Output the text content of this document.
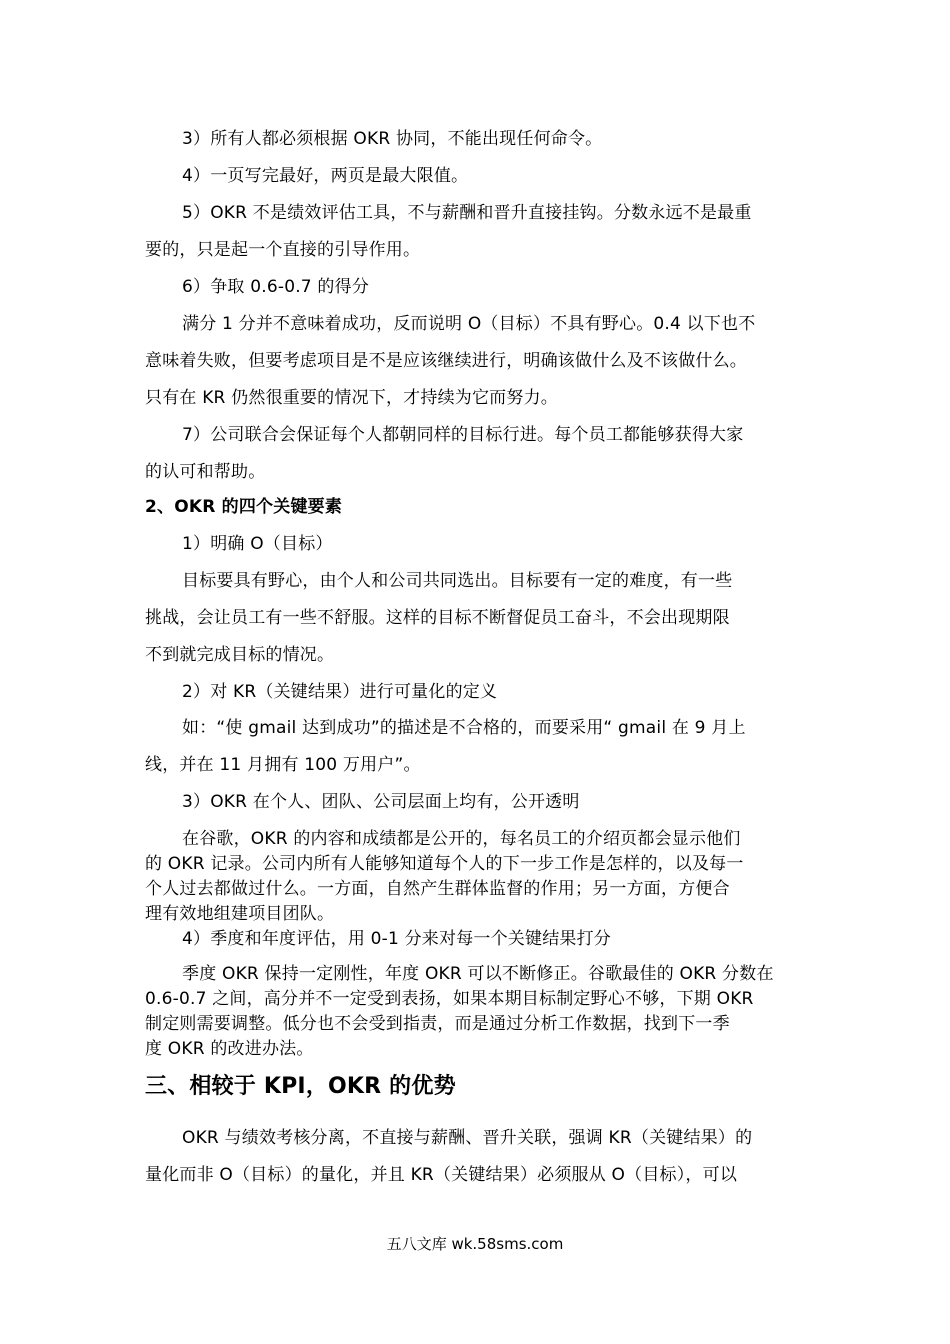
3）所有人都必须根据 OKR 协同，不能出现任何命令。
4）一页写完最好，两页是最大限值。
5）OKR 不是绩效评估工具，不与薪酬和晋升直接挂钩。分数永远不是最重
要的，只是起一个直接的引导作用。
6）争取 0.6-0.7 的得分
满分 1 分并不意味着成功，反而说明 O（目标）不具有野心。0.4 以下也不
意味着失败，但要考虑项目是不是应该继续进行，明确该做什么及不该做什么。
只有在 KR 仍然很重要的情况下，才持续为它而努力。
7）公司联合会保证每个人都朝同样的目标行进。每个员工都能够获得大家
的认可和帮助。
2、OKR 的四个关键要素
1）明确 O（目标）
目标要具有野心，由个人和公司共同选出。目标要有一定的难度，有一些
挑战，会让员工有一些不舒服。这样的目标不断督促员工奋斗，不会出现期限
不到就完成目标的情况。
2）对 KR（关键结果）进行可量化的定义
如：“使 gmail 达到成功”的描述是不合格的，而要采用“ gmail 在 9 月上
线，并在 11 月拥有 100 万用户”。
3）OKR 在个人、团队、公司层面上均有，公开透明
在谷歌，OKR 的内容和成绩都是公开的，每名员工的介绍页都会显示他们
的 OKR 记录。公司内所有人能够知道每个人的下一步工作是怎样的，以及每一
个人过去都做过什么。一方面，自然产生群体监督的作用；另一方面，方便合
理有效地组建项目团队。
4）季度和年度评估，用 0-1 分来对每一个关键结果打分
季度 OKR 保持一定刚性，年度 OKR 可以不断修正。谷歌最佳的 OKR 分数在
0.6-0.7 之间，高分并不一定受到表扬，如果本期目标制定野心不够，下期 OKR
制定则需要调整。低分也不会受到指责，而是通过分析工作数据，找到下一季
度 OKR 的改进办法。
三、相较于 KPI，OKR 的优势
OKR 与绩效考核分离，不直接与薪酬、晋升关联，强调 KR（关键结果）的
量化而非 O（目标）的量化，并且 KR（关键结果）必须服从 O（目标），可以
五八文库 wk.58sms.com
